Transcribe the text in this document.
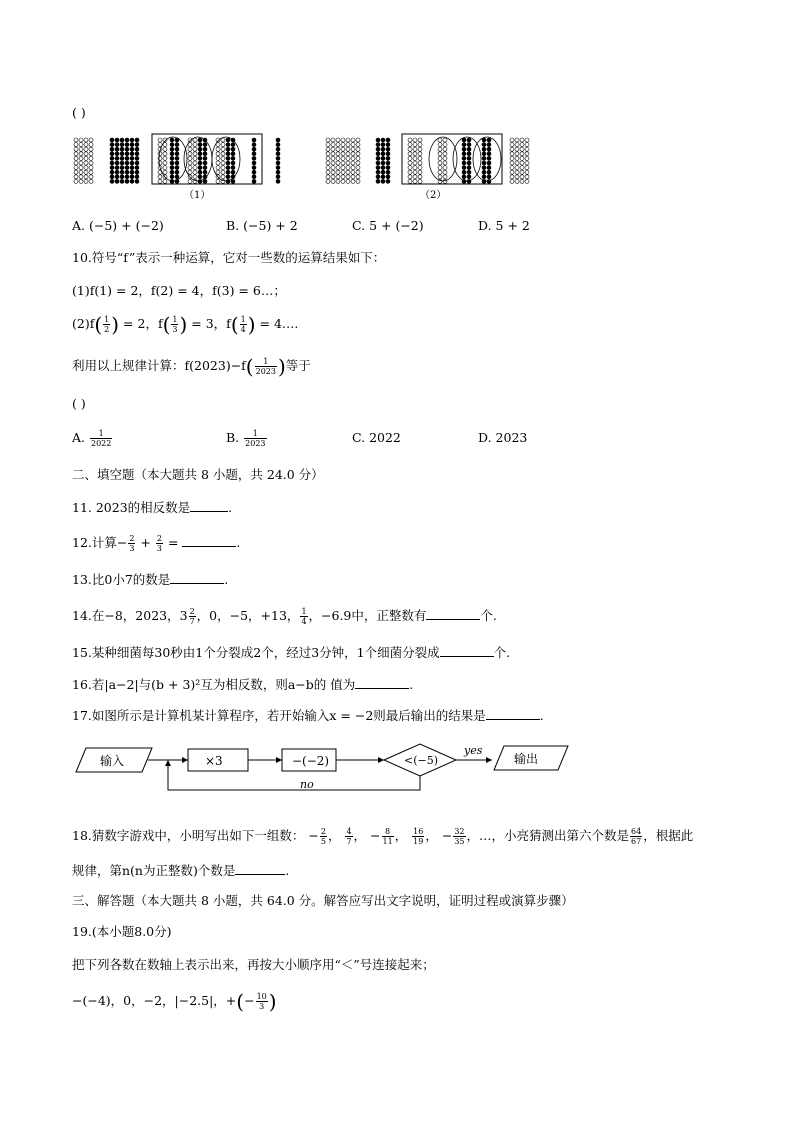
( )
（1）	（2）
A. (−5) + (−2)	B. (−5) + 2	C. 5 + (−2)	D. 5 + 2
10.符号“f”表示一种运算，它对一些数的运算结果如下：
(1)f(1) = 2，f(2) = 4，f(3) = 6…；
$(2)f( \frac{1}{2}$ ) = 2，$f( \frac{1}{3}$ ) = 3，$f( \frac{1}{4}$ ) = 4….
利用以上规律计算：$f(2023)-f( \frac{1}{2023}$ )等于
( )
A. $\frac{1}{2022}$	B. $\frac{1}{2023}$	C. 2022	D. 2023
二、填空题（本大题共 8 小题，共 24.0 分）
11. 2023的相反数是	.
12.计算− $\frac{2}{3} + \frac{2}{3}$ =	.
13.比0小7的数是	.
14.在−8，2023，$3 \frac{2}{7}$ ，0，−5，+13， $\frac{1}{4}$ ，−6.9中，正整数有	个.
15.某种细菌每30秒由1个分裂成2个，经过3分钟，1个细菌分裂成	个.
16.若|a−2|与(b + 3)²互为相反数，则a−b的 值为	.
17.如图所示是计算机某计算程序，若开始输入x = −2则最后输出的结果是	.
输入	×3	−(−2)	<(−5)
yes
输出
no
18.猜数字游戏中，小明写出如下一组数： − $\frac{2}{5}$ ， $\frac{4}{7}$ ， − $\frac{8}{11}$ ， $\frac{16}{19}$ ， − $\frac{32}{35}$ ，…，小亮猜测出第六个数是 $\frac{64}{67}$ ，根据此
规律，第n(n为正整数)个数是	.
三、解答题（本大题共 8 小题，共 64.0 分。解答应写出文字说明，证明过程或演算步骤）
19.(本小题8.0分)
把下列各数在数轴上表示出来，再按大小顺序用“＜”号连接起来；
−(−4)，0，−2，|−2.5|，+(− $\frac{10}{3}$ )
